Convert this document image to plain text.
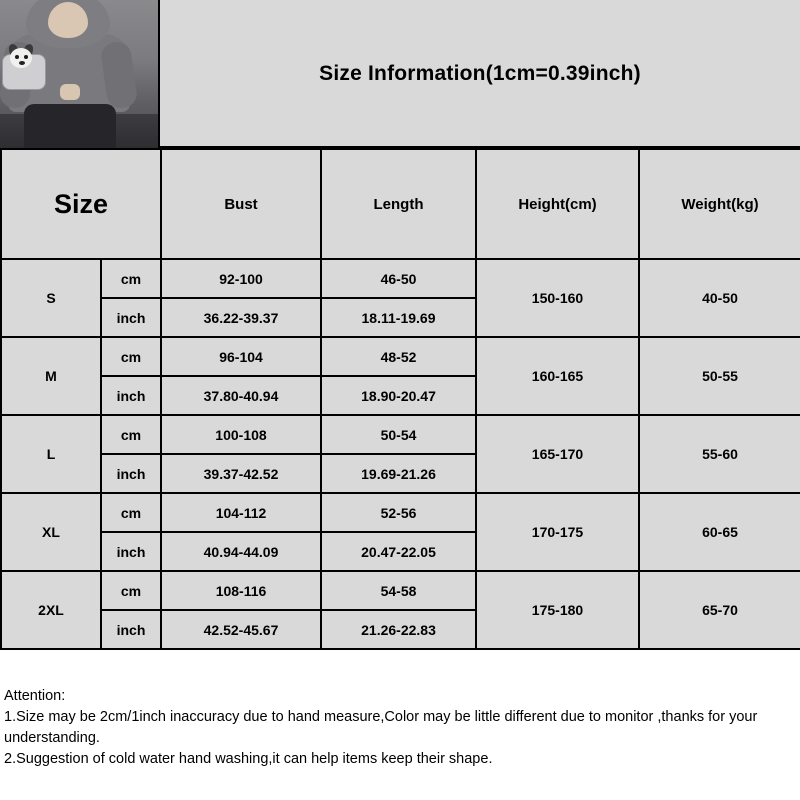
Size Information(1cm=0.39inch)
Size		Bust	Length	Height(cm)	Weight(kg)
S	cm	92-100	46-50	150-160	40-50
	inch	36.22-39.37	18.11-19.69		
M	cm	96-104	48-52	160-165	50-55
	inch	37.80-40.94	18.90-20.47		
L	cm	100-108	50-54	165-170	55-60
	inch	39.37-42.52	19.69-21.26		
XL	cm	104-112	52-56	170-175	60-65
	inch	40.94-44.09	20.47-22.05		
2XL	cm	108-116	54-58	175-180	65-70
	inch	42.52-45.67	21.26-22.83		
Attention:
1.Size may be 2cm/1inch inaccuracy due to hand measure,Color may be little different due to monitor ,thanks for your understanding.
2.Suggestion of cold water hand washing,it can help items keep their shape.
